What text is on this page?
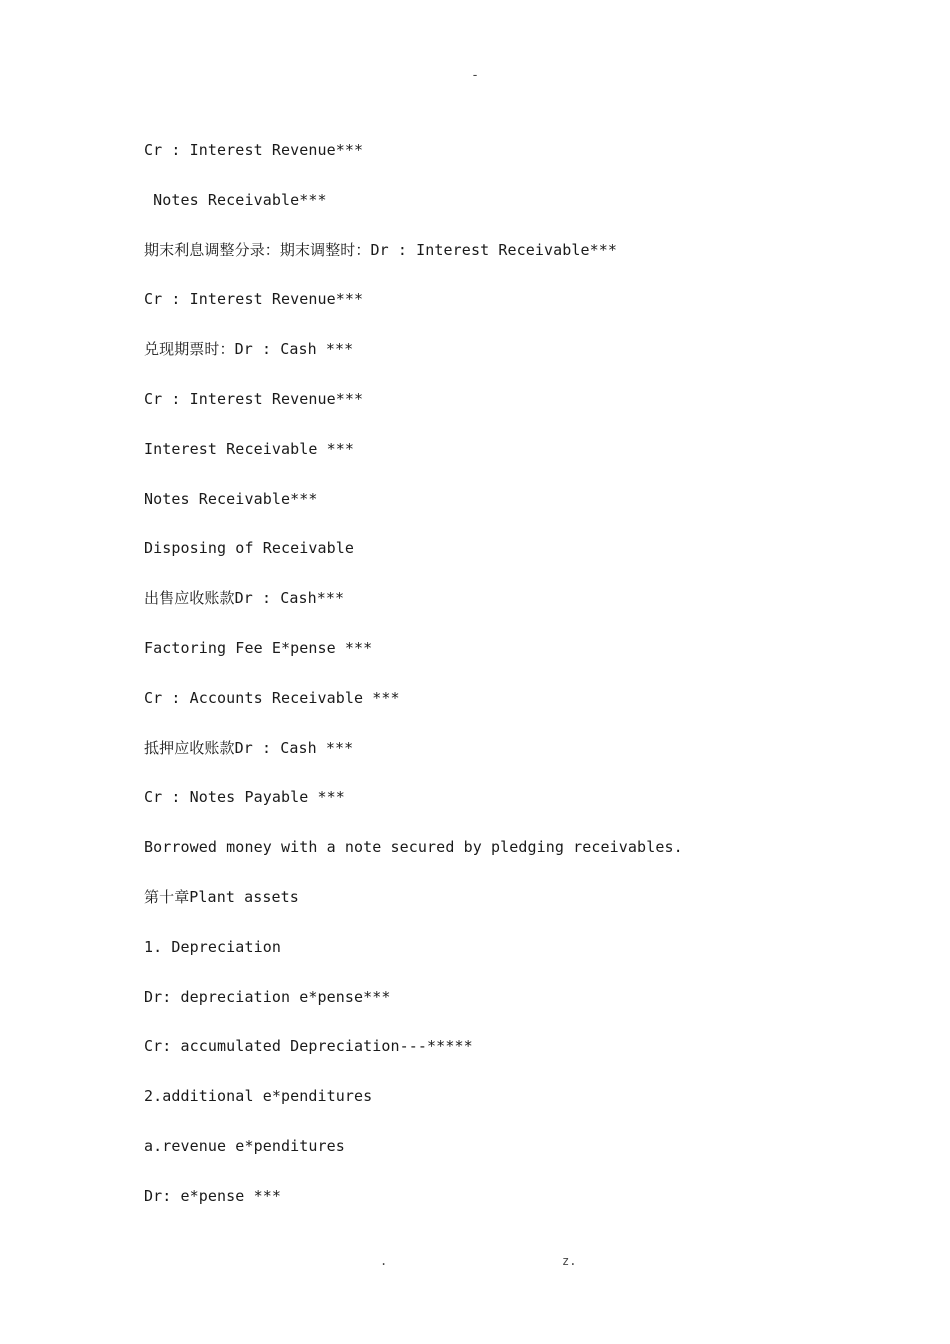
-
Cr : Interest Revenue***
Notes Receivable***
期末利息调整分录：期末调整时：Dr : Interest Receivable***
Cr : Interest Revenue***
兑现期票时：Dr : Cash ***
Cr : Interest Revenue***
Interest Receivable ***
Notes Receivable***
Disposing of Receivable
出售应收账款Dr : Cash***
Factoring Fee E*pense ***
Cr : Accounts Receivable ***
抵押应收账款Dr : Cash ***
Cr : Notes Payable ***
Borrowed money with a note secured by pledging receivables.
第十章Plant assets
1. Depreciation
Dr: depreciation e*pense***
Cr: accumulated Depreciation---*****
2.additional e*penditures
a.revenue e*penditures
Dr: e*pense ***
.	z.
